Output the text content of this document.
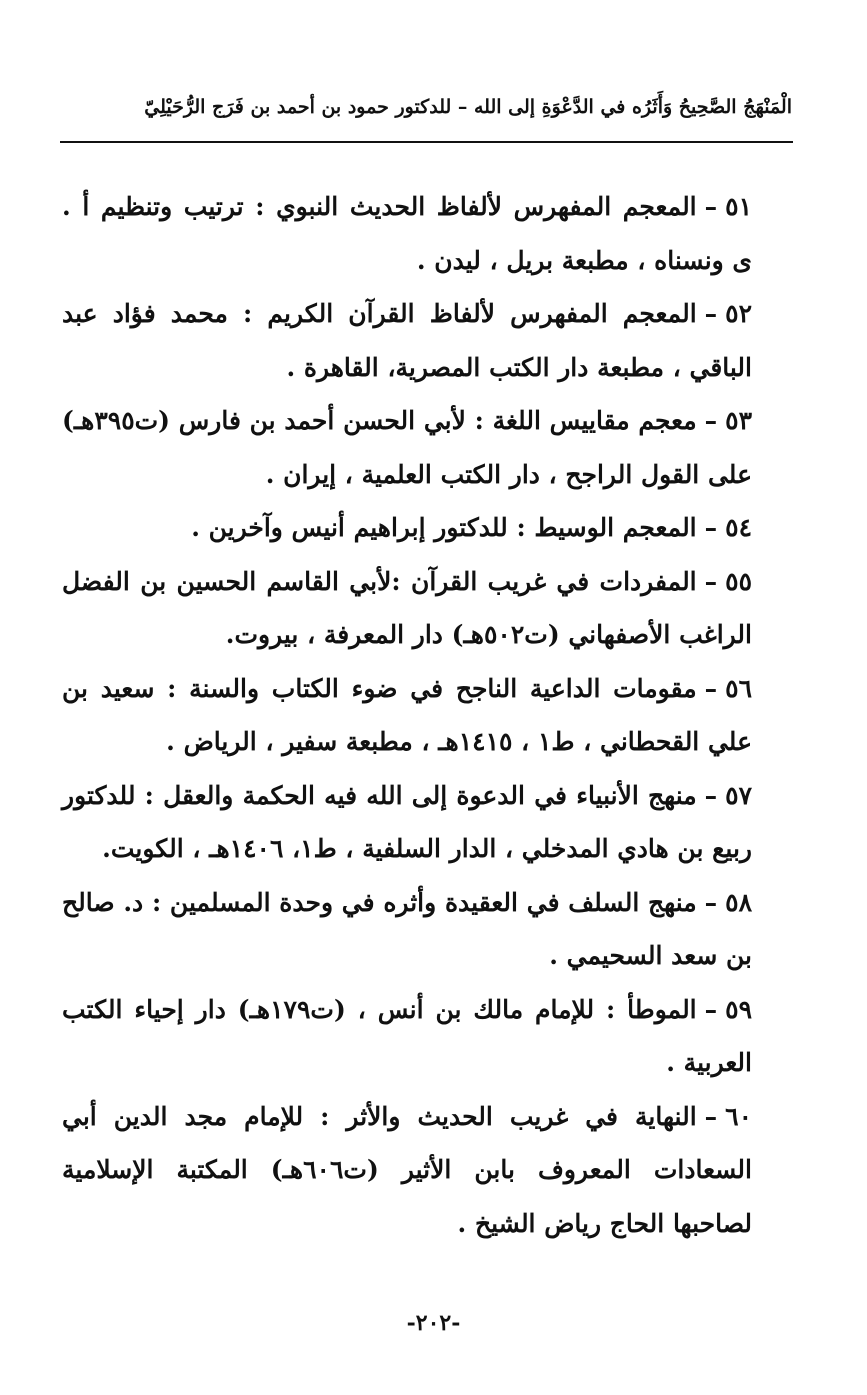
الْمَنْهَجُ الصَّحِيحُ وَأَثَرُه في الدَّعْوَةِ إلى الله – للدكتور حمود بن أحمد بن فَرَج الرُّحَيْلِيّ
٥١–المعجم المفهرس لألفاظ الحديث النبوي : ترتيب وتنظيم أ . ى ونسناه ، مطبعة بريل ، ليدن .
٥٢–المعجم المفهرس لألفاظ القرآن الكريم : محمد فؤاد عبد الباقي ، مطبعة دار الكتب المصرية، القاهرة .
٥٣–معجم مقاييس اللغة : لأبي الحسن أحمد بن فارس (ت٣٩٥هـ) على القول الراجح ، دار الكتب العلمية ، إيران .
٥٤–المعجم الوسيط : للدكتور إبراهيم أنيس وآخرين .
٥٥–المفردات في غريب القرآن :لأبي القاسم الحسين بن الفضل الراغب الأصفهاني (ت٥٠٢هـ) دار المعرفة ، بيروت.
٥٦–مقومات الداعية الناجح في ضوء الكتاب والسنة : سعيد بن علي القحطاني ، ط١ ، ١٤١٥هـ ، مطبعة سفير ، الرياض .
٥٧–منهج الأنبياء في الدعوة إلى الله فيه الحكمة والعقل : للدكتور ربيع بن هادي المدخلي ، الدار السلفية ، ط١، ١٤٠٦هـ ، الكويت.
٥٨–منهج السلف في العقيدة وأثره في وحدة المسلمين : د. صالح بن سعد السحيمي .
٥٩–الموطأ : للإمام مالك بن أنس ، (ت١٧٩هـ) دار إحياء الكتب العربية .
٦٠–النهاية في غريب الحديث والأثر : للإمام مجد الدين أبي السعادات المعروف بابن الأثير (ت٦٠٦هـ) المكتبة الإسلامية لصاحبها الحاج رياض الشيخ .
-٢٠٢-
